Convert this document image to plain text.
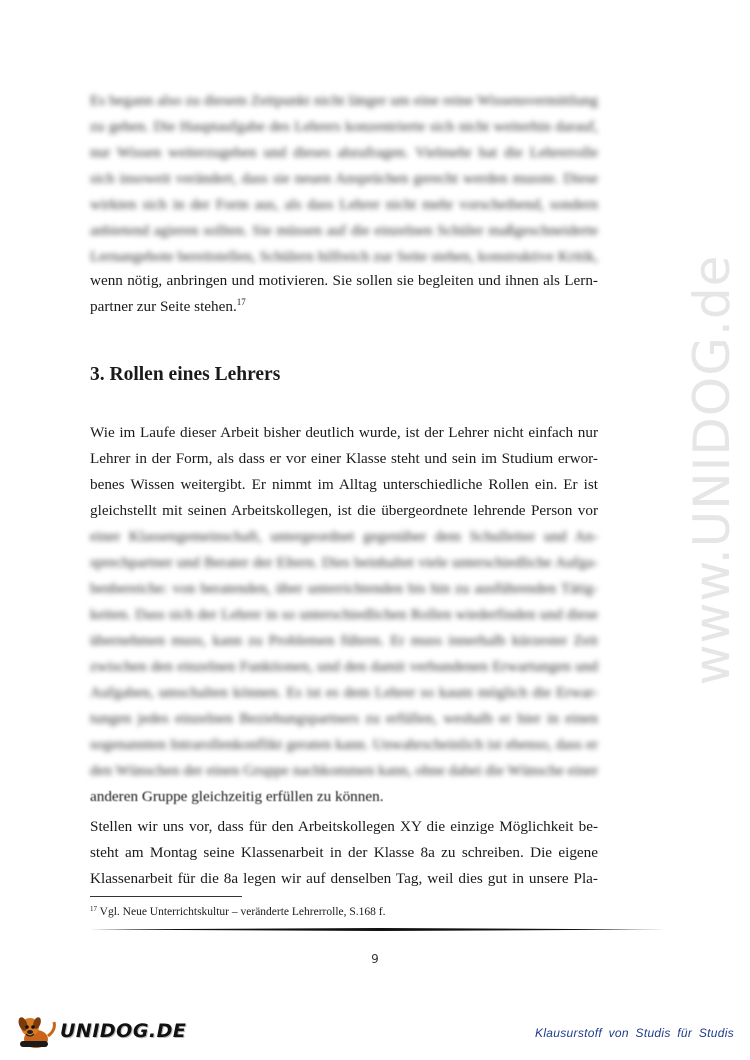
www.UNIDOG.de
Es begann also zu diesem Zeitpunkt nicht länger um eine reine Wissensvermittlung
zu gehen. Die Hauptaufgabe des Lehrers konzentrierte sich nicht weiterhin darauf,
nur Wissen weiterzugeben und dieses abzufragen. Vielmehr hat die Lehrerrolle
sich insoweit verändert, dass sie neuen Ansprüchen gerecht werden musste. Diese
wirkten sich in der Form aus, als dass Lehrer nicht mehr vorscheibend, sondern
anbietend agieren sollten. Sie müssen auf die einzelnen Schüler maßgeschneiderte
Lernangebote bereitstellen, Schülern hilfreich zur Seite stehen, konstruktive Kritik,
wenn nötig, anbringen und motivieren. Sie sollen sie begleiten und ihnen als Lern-
partner zur Seite stehen.$^{17}$
3. Rollen eines Lehrers
Wie im Laufe dieser Arbeit bisher deutlich wurde, ist der Lehrer nicht einfach nur
Lehrer in der Form, als dass er vor einer Klasse steht und sein im Studium erwor-
benes Wissen weitergibt. Er nimmt im Alltag unterschiedliche Rollen ein. Er ist
gleichstellt mit seinen Arbeitskollegen, ist die übergeordnete lehrende Person vor
einer Klassengemeinschaft, untergeordnet gegenüber dem Schulleiter und An-
sprechpartner und Berater der Eltern. Dies beinhaltet viele unterschiedliche Aufga-
benbereiche: von beratenden, über unterrichtenden bis hin zu ausführenden Tätig-
keiten. Dass sich der Lehrer in so unterschiedlichen Rollen wiederfinden und diese
übernehmen muss, kann zu Problemen führen. Er muss innerhalb kürzester Zeit
zwischen den einzelnen Funktionen, und den damit verbundenen Erwartungen und
Aufgaben, umschalten können. Es ist es dem Lehrer so kaum möglich die Erwar-
tungen jedes einzelnen Beziehungspartners zu erfüllen, weshalb er hier in einen
sogenannten Intrarollenkonflikt geraten kann. Unwahrscheinlich ist ebenso, dass er
den Wünschen der einen Gruppe nachkommen kann, ohne dabei die Wünsche einer
anderen Gruppe gleichzeitig erfüllen zu können.
Stellen wir uns vor, dass für den Arbeitskollegen XY die einzige Möglichkeit be-
steht am Montag seine Klassenarbeit in der Klasse 8a zu schreiben. Die eigene
Klassenarbeit für die 8a legen wir auf denselben Tag, weil dies gut in unsere Pla-
$^{17}$ Vgl. Neue Unterrichtskultur – veränderte Lehrerrolle, S.168 f.
9
UNIDOG.DE	Klausurstoff von Studis für Studis
